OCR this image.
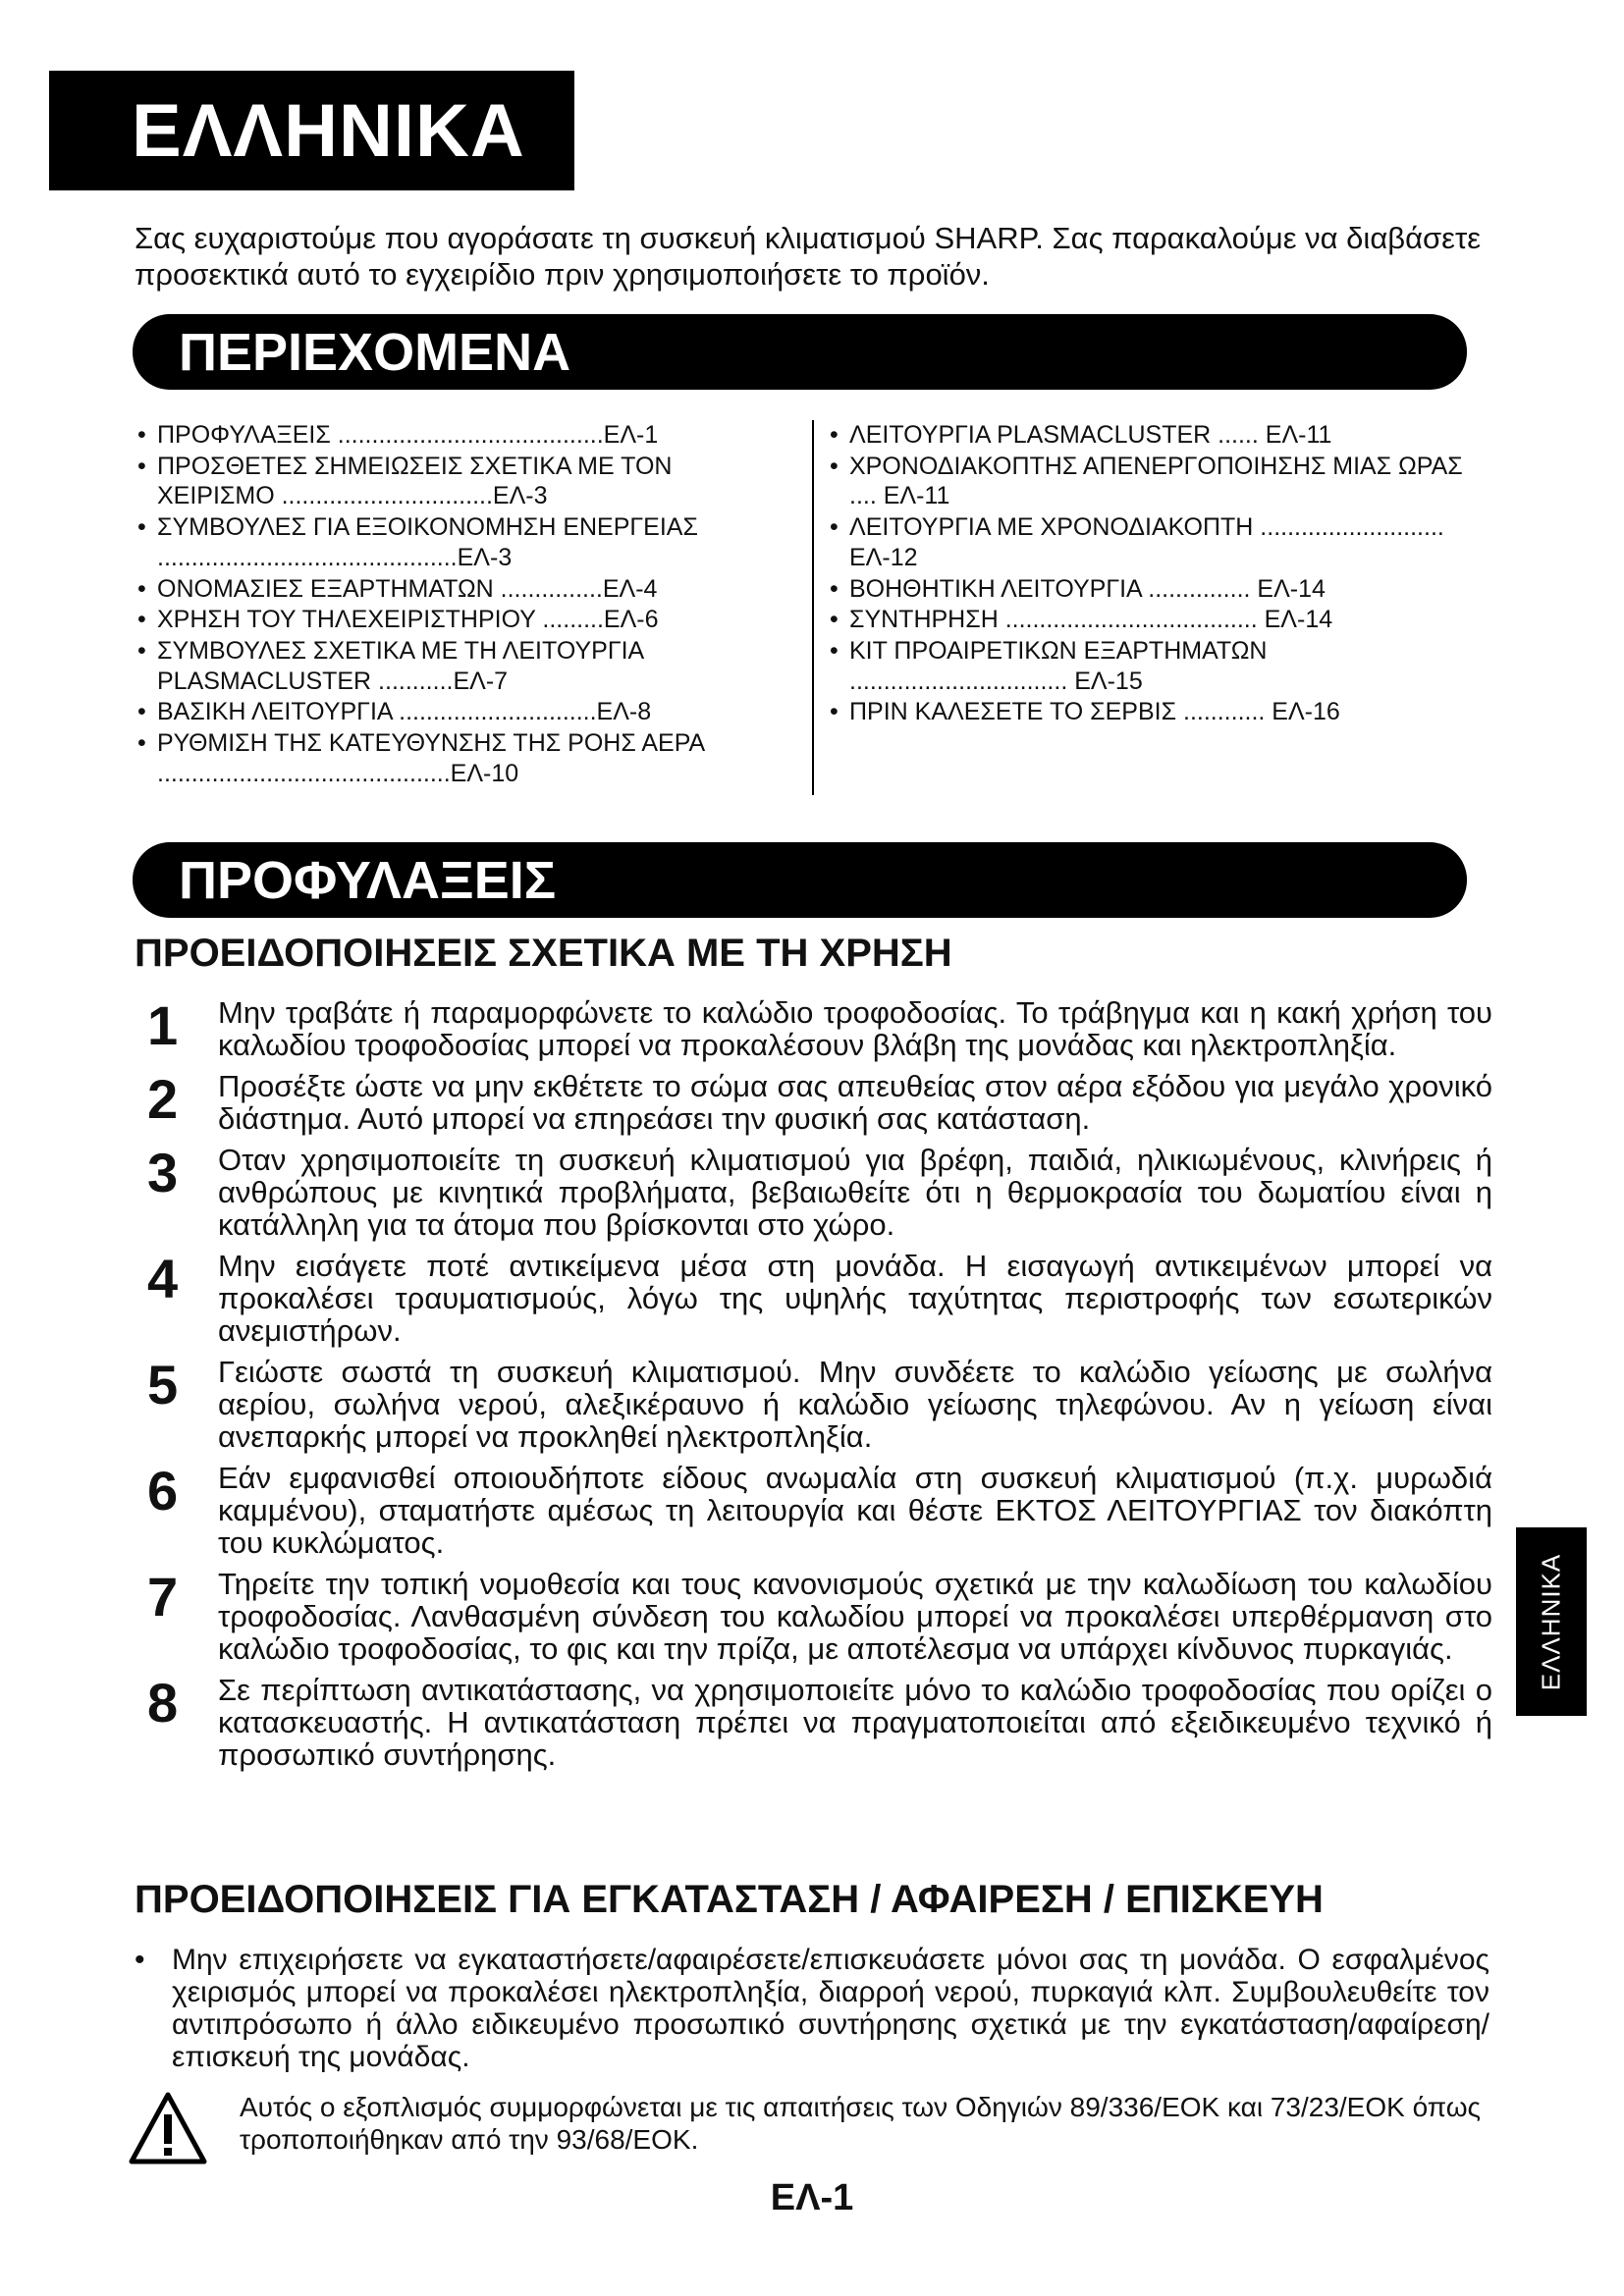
ΕΛΛΗΝΙΚΑ

Σας ευχαριστούμε που αγοράσατε τη συσκευή κλιματισμού SHARP. Σας παρακαλούμε να διαβάσετε προσεκτικά αυτό το εγχειρίδιο πριν χρησιμοποιήσετε το προϊόν.

ΠΕΡΙΕΧΟΜΕΝΑ
• ΠΡΟΦΥΛΑΞΕΙΣ .......................................ΕΛ-1
• ΠΡΟΣΘΕΤΕΣ ΣΗΜΕΙΩΣΕΙΣ ΣΧΕΤΙΚΑ ΜΕ ΤΟΝ ΧΕΙΡΙΣΜΟ ...............................ΕΛ-3
• ΣΥΜΒΟΥΛΕΣ ΓΙΑ ΕΞΟΙΚΟΝΟΜΗΣΗ ΕΝΕΡΓΕΙΑΣ ............................................ΕΛ-3
• ΟΝΟΜΑΣΙΕΣ ΕΞΑΡΤΗΜΑΤΩΝ ...............ΕΛ-4
• ΧΡΗΣΗ ΤΟΥ ΤΗΛΕΧΕΙΡΙΣΤΗΡΙΟΥ .........ΕΛ-6
• ΣΥΜΒΟΥΛΕΣ ΣΧΕΤΙΚΑ ΜΕ ΤΗ ΛΕΙΤΟΥΡΓΙΑ PLASMACLUSTER ...........ΕΛ-7
• ΒΑΣΙΚΗ ΛΕΙΤΟΥΡΓΙΑ .............................ΕΛ-8
• ΡΥΘΜΙΣΗ ΤΗΣ ΚΑΤΕΥΘΥΝΣΗΣ ΤΗΣ ΡΟΗΣ ΑΕΡΑ ...........................................ΕΛ-10
• ΛΕΙΤΟΥΡΓΙΑ PLASMACLUSTER ...... ΕΛ-11
• ΧΡΟΝΟΔΙΑΚΟΠΤΗΣ ΑΠΕΝΕΡΓΟΠΟΙΗΣΗΣ ΜΙΑΣ ΩΡΑΣ .... ΕΛ-11
• ΛΕΙΤΟΥΡΓΙΑ ΜΕ ΧΡΟΝΟΔΙΑΚΟΠΤΗ ........................... ΕΛ-12
• ΒΟΗΘΗΤΙΚΗ ΛΕΙΤΟΥΡΓΙΑ ............... ΕΛ-14
• ΣΥΝΤΗΡΗΣΗ ..................................... ΕΛ-14
• ΚΙΤ ΠΡΟΑΙΡΕΤΙΚΩΝ ΕΞΑΡΤΗΜΑΤΩΝ ................................ ΕΛ-15
• ΠΡΙΝ ΚΑΛΕΣΕΤΕ ΤΟ ΣΕΡΒΙΣ ............ ΕΛ-16
ΠΡΟΦΥΛΑΞΕΙΣ
ΠΡΟΕΙΔΟΠΟΙΗΣΕΙΣ ΣΧΕΤΙΚΑ ΜΕ ΤΗ ΧΡΗΣΗ
1	Μην τραβάτε ή παραμορφώνετε το καλώδιο τροφοδοσίας. Το τράβηγμα και η κακή χρήση του καλωδίου τροφοδοσίας μπορεί να προκαλέσουν βλάβη της μονάδας και ηλεκτροπληξία.
2	Προσέξτε ώστε να μην εκθέτετε το σώμα σας απευθείας στον αέρα εξόδου για μεγάλο χρονικό διάστημα. Αυτό μπορεί να επηρεάσει την φυσική σας κατάσταση.
3	Οταν χρησιμοποιείτε τη συσκευή κλιματισμού για βρέφη, παιδιά, ηλικιωμένους, κλινήρεις ή ανθρώπους με κινητικά προβλήματα, βεβαιωθείτε ότι η θερμοκρασία του δωματίου είναι η κατάλληλη για τα άτομα που βρίσκονται στο χώρο.
4	Μην εισάγετε ποτέ αντικείμενα μέσα στη μονάδα. Η εισαγωγή αντικειμένων μπορεί να προκαλέσει τραυματισμούς, λόγω της υψηλής ταχύτητας περιστροφής των εσωτερικών ανεμιστήρων.
5	Γειώστε σωστά τη συσκευή κλιματισμού. Μην συνδέετε το καλώδιο γείωσης με σωλήνα αερίου, σωλήνα νερού, αλεξικέραυνο ή καλώδιο γείωσης τηλεφώνου. Αν η γείωση είναι ανεπαρκής μπορεί να προκληθεί ηλεκτροπληξία.
6	Εάν εμφανισθεί οποιουδήποτε είδους ανωμαλία στη συσκευή κλιματισμού (π.χ. μυρωδιά καμμένου), σταματήστε αμέσως τη λειτουργία και θέστε ΕΚΤΟΣ ΛΕΙΤΟΥΡΓΙΑΣ τον διακόπτη του κυκλώματος.
7	Τηρείτε την τοπική νομοθεσία και τους κανονισμούς σχετικά με την καλωδίωση του καλωδίου τροφοδοσίας. Λανθασμένη σύνδεση του καλωδίου μπορεί να προκαλέσει υπερθέρμανση στο καλώδιο τροφοδοσίας, το φις και την πρίζα, με αποτέλεσμα να υπάρχει κίνδυνος πυρκαγιάς.
8	Σε περίπτωση αντικατάστασης, να χρησιμοποιείτε μόνο το καλώδιο τροφοδοσίας που ορίζει ο κατασκευαστής. Η αντικατάσταση πρέπει να πραγματοποιείται από εξειδικευμένο τεχνικό ή προσωπικό συντήρησης.
ΠΡΟΕΙΔΟΠΟΙΗΣΕΙΣ ΓΙΑ ΕΓΚΑΤΑΣΤΑΣΗ / ΑΦΑΙΡΕΣΗ / ΕΠΙΣΚΕΥΗ
• Μην επιχειρήσετε να εγκαταστήσετε/αφαιρέσετε/επισκευάσετε μόνοι σας τη μονάδα. Ο εσφαλμένος χειρισμός μπορεί να προκαλέσει ηλεκτροπληξία, διαρροή νερού, πυρκαγιά κλπ. Συμβουλευθείτε τον αντιπρόσωπο ή άλλο ειδικευμένο προσωπικό συντήρησης σχετικά με την εγκατάσταση/αφαίρεση/επισκευή της μονάδας.
Αυτός ο εξοπλισμός συμμορφώνεται με τις απαιτήσεις των Οδηγιών 89/336/ΕΟΚ και 73/23/ΕΟΚ όπως τροποποιήθηκαν από την 93/68/ΕΟΚ.
ΕΛ-1
ΕΛΛΗΝΙΚΑ
